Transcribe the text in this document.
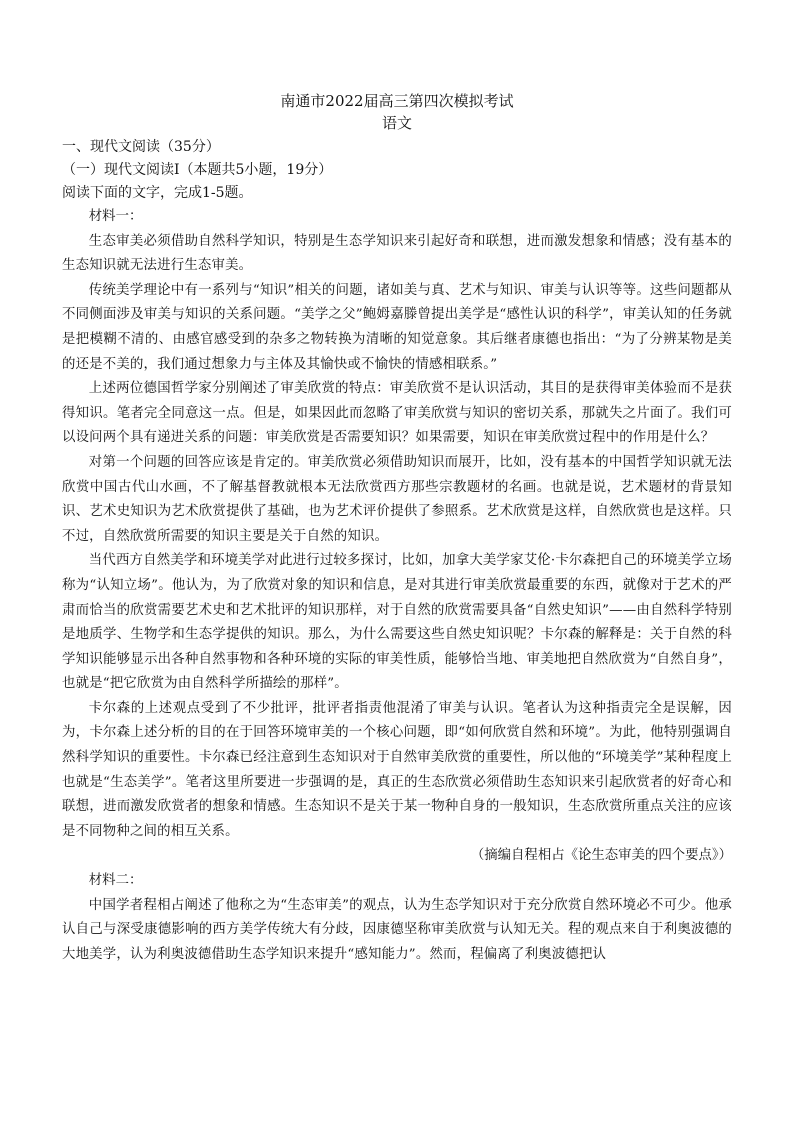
南通市2022届高三第四次模拟考试

语文

一、现代文阅读（35分）

（一）现代文阅读Ⅰ（本题共5小题，19分）

阅读下面的文字，完成1-5题。

材料一：

生态审美必须借助自然科学知识，特别是生态学知识来引起好奇和联想，进而激发想象和情感；没有基本的生态知识就无法进行生态审美。

传统美学理论中有一系列与“知识”相关的问题，诸如美与真、艺术与知识、审美与认识等等。这些问题都从不同侧面涉及审美与知识的关系问题。“美学之父”鲍姆嘉滕曾提出美学是“感性认识的科学”，审美认知的任务就是把模糊不清的、由感官感受到的杂多之物转换为清晰的知觉意象。其后继者康德也指出：“为了分辨某物是美的还是不美的，我们通过想象力与主体及其愉快或不愉快的情感相联系。”

上述两位德国哲学家分别阐述了审美欣赏的特点：审美欣赏不是认识活动，其目的是获得审美体验而不是获得知识。笔者完全同意这一点。但是，如果因此而忽略了审美欣赏与知识的密切关系，那就失之片面了。我们可以设问两个具有递进关系的问题：审美欣赏是否需要知识？如果需要，知识在审美欣赏过程中的作用是什么？

对第一个问题的回答应该是肯定的。审美欣赏必须借助知识而展开，比如，没有基本的中国哲学知识就无法欣赏中国古代山水画，不了解基督教就根本无法欣赏西方那些宗教题材的名画。也就是说，艺术题材的背景知识、艺术史知识为艺术欣赏提供了基础，也为艺术评价提供了参照系。艺术欣赏是这样，自然欣赏也是这样。只不过，自然欣赏所需要的知识主要是关于自然的知识。

当代西方自然美学和环境美学对此进行过较多探讨，比如，加拿大美学家艾伦·卡尔森把自己的环境美学立场称为“认知立场”。他认为，为了欣赏对象的知识和信息，是对其进行审美欣赏最重要的东西，就像对于艺术的严肃而恰当的欣赏需要艺术史和艺术批评的知识那样，对于自然的欣赏需要具备“自然史知识”——由自然科学特别是地质学、生物学和生态学提供的知识。那么，为什么需要这些自然史知识呢？卡尔森的解释是：关于自然的科学知识能够显示出各种自然事物和各种环境的实际的审美性质，能够恰当地、审美地把自然欣赏为“自然自身”，也就是“把它欣赏为由自然科学所描绘的那样”。

卡尔森的上述观点受到了不少批评，批评者指责他混淆了审美与认识。笔者认为这种指责完全是误解，因为，卡尔森上述分析的目的在于回答环境审美的一个核心问题，即“如何欣赏自然和环境”。为此，他特别强调自然科学知识的重要性。卡尔森已经注意到生态知识对于自然审美欣赏的重要性，所以他的“环境美学”某种程度上也就是“生态美学”。笔者这里所要进一步强调的是，真正的生态欣赏必须借助生态知识来引起欣赏者的好奇心和联想，进而激发欣赏者的想象和情感。生态知识不是关于某一物种自身的一般知识，生态欣赏所重点关注的应该是不同物种之间的相互关系。

（摘编自程相占《论生态审美的四个要点》）

材料二：

中国学者程相占阐述了他称之为“生态审美”的观点，认为生态学知识对于充分欣赏自然环境必不可少。他承认自己与深受康德影响的西方美学传统大有分歧，因康德坚称审美欣赏与认知无关。程的观点来自于利奥波德的大地美学，认为利奥波德借助生态学知识来提升“感知能力”。然而，程偏离了利奥波德把认
